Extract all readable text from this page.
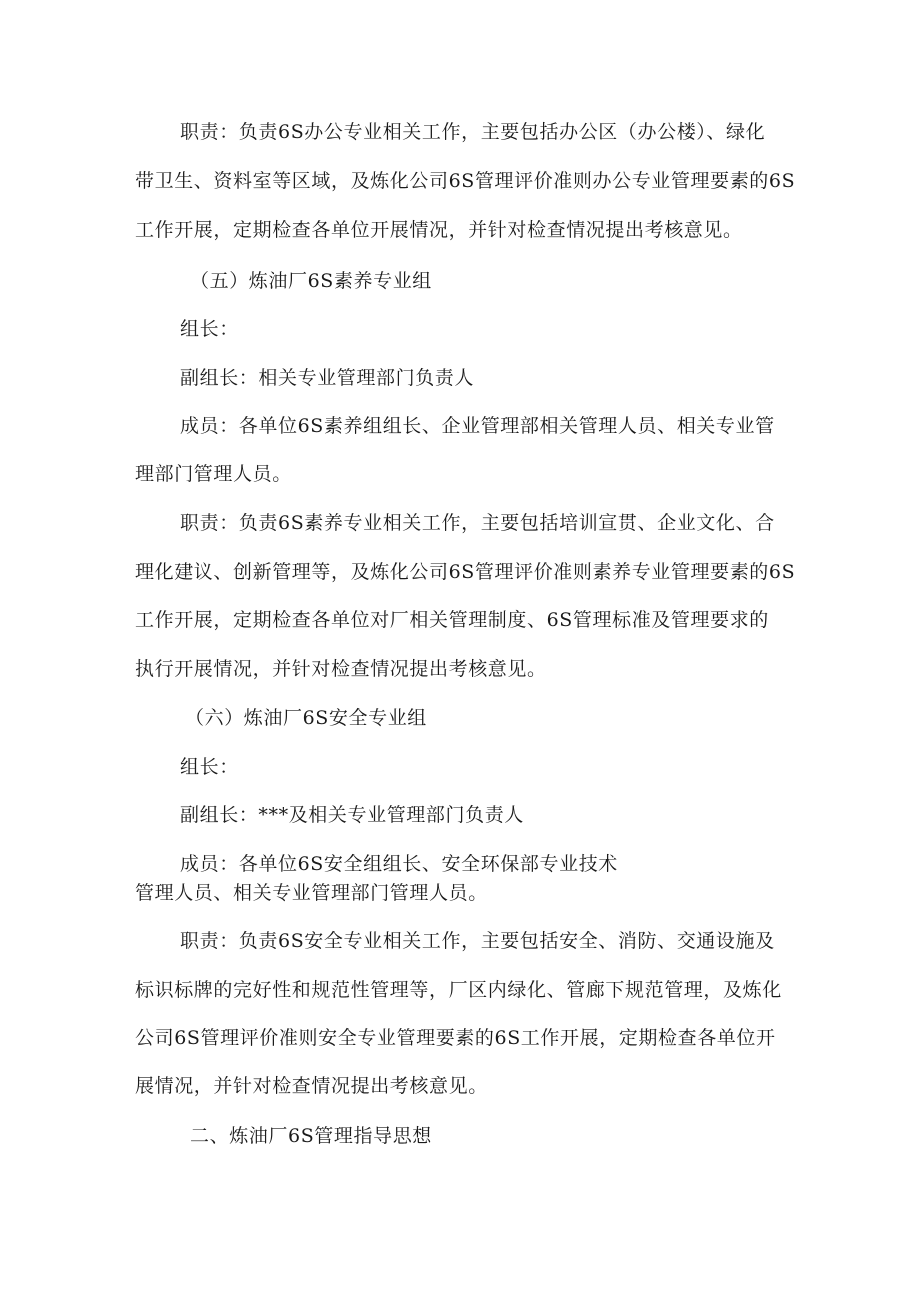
职责：负责6S办公专业相关工作，主要包括办公区（办公楼）、绿化

带卫生、资料室等区域，及炼化公司6S管理评价准则办公专业管理要素的6S

工作开展，定期检查各单位开展情况，并针对检查情况提出考核意见。

（五）炼油厂6S素养专业组

组长：

副组长：相关专业管理部门负责人

成员：各单位6S素养组组长、企业管理部相关管理人员、相关专业管

理部门管理人员。

职责：负责6S素养专业相关工作，主要包括培训宣贯、企业文化、合

理化建议、创新管理等，及炼化公司6S管理评价准则素养专业管理要素的6S

工作开展，定期检查各单位对厂相关管理制度、6S管理标准及管理要求的

执行开展情况，并针对检查情况提出考核意见。

（六）炼油厂6S安全专业组

组长：

副组长：***及相关专业管理部门负责人

成员：各单位6S安全组组长、安全环保部专业技术

管理人员、相关专业管理部门管理人员。

职责：负责6S安全专业相关工作，主要包括安全、消防、交通设施及

标识标牌的完好性和规范性管理等，厂区内绿化、管廊下规范管理，及炼化

公司6S管理评价准则安全专业管理要素的6S工作开展，定期检查各单位开

展情况，并针对检查情况提出考核意见。

二、炼油厂6S管理指导思想
